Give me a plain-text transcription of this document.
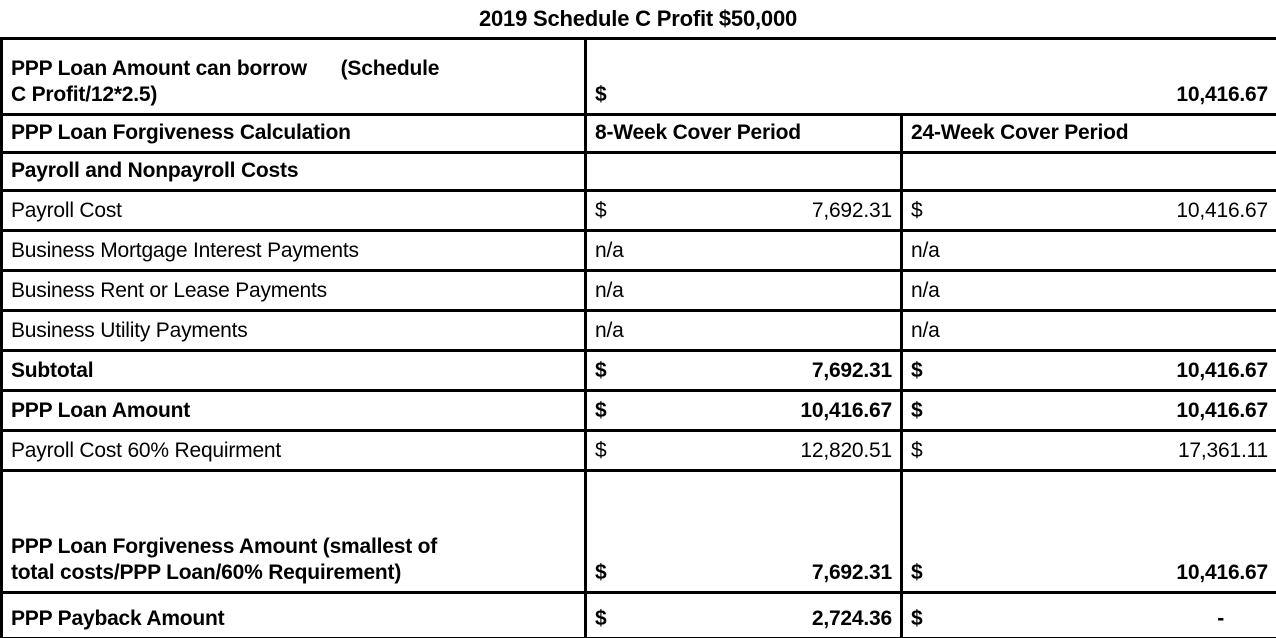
2019 Schedule C Profit $50,000
PPP Loan Amount can borrow      (Schedule
C Profit/12*2.5)	$ 10,416.67	

PPP Loan Forgiveness Calculation	8-Week Cover Period	24-Week Cover Period
Payroll and Nonpayroll Costs		
Payroll Cost	$ 7,692.31	$ 10,416.67

Business Mortgage Interest Payments	n/a	n/a
Business Rent or Lease Payments	n/a	n/a
Business Utility Payments	n/a	n/a
Subtotal	$ 7,692.31	$ 10,416.67

PPP Loan Amount	$ 10,416.67	$ 10,416.67

Payroll Cost 60% Requirment	$ 12,820.51	$ 17,361.11

PPP Loan Forgiveness Amount (smallest of
total costs/PPP Loan/60% Requirement)	$ 7,692.31	$ 10,416.67

PPP Payback Amount	$ 2,724.36	$ -
